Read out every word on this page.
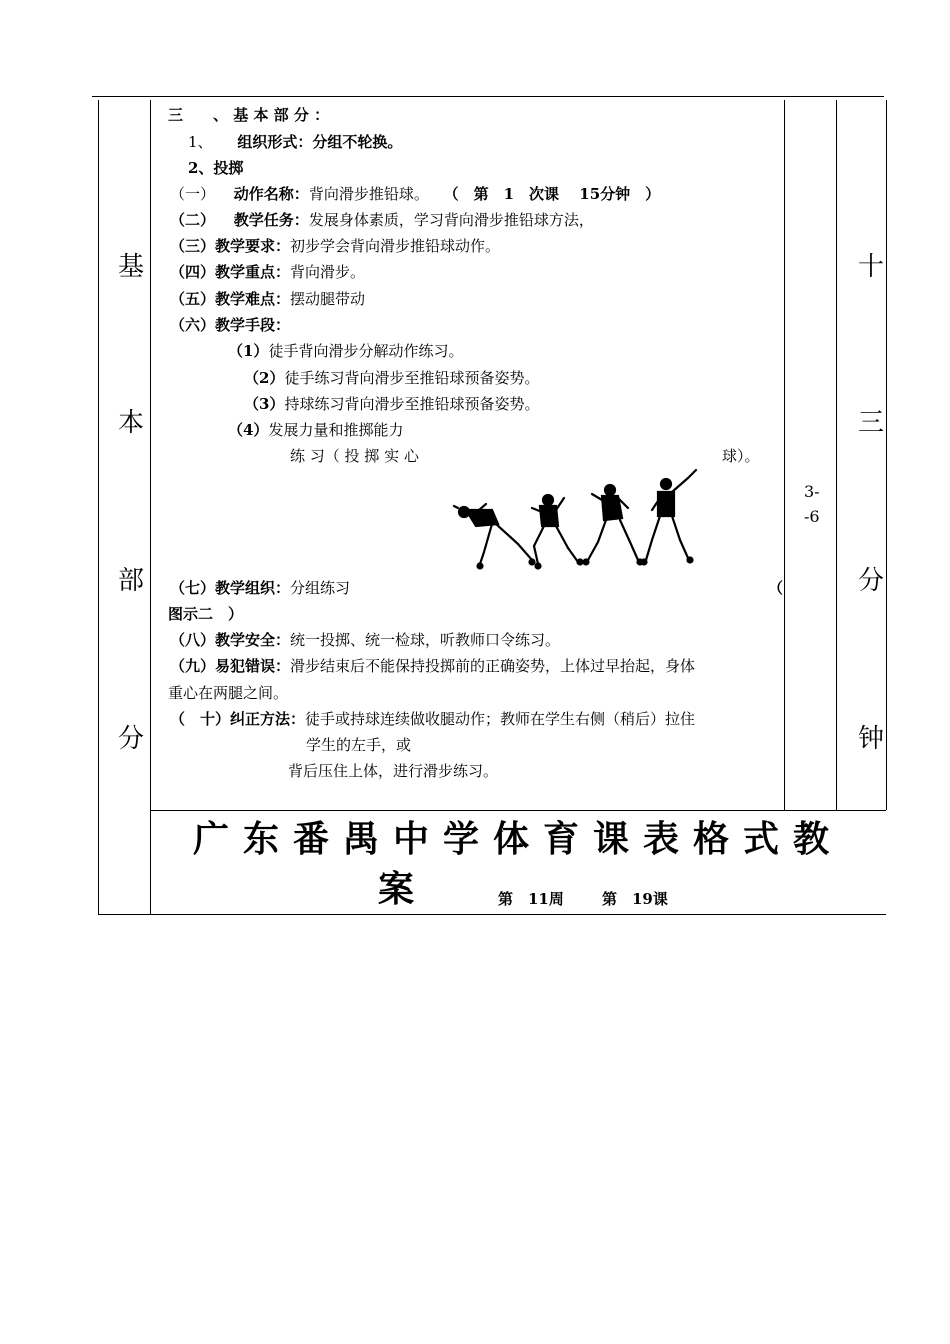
基
本
部
分
十
三
分
钟
3-
-6
三　　、 基 本 部 分 ：
1、 组织形式：分组不轮换。
2、投掷
（一） 动作名称：背向滑步推铅球。 （　第　1　次课　 15分钟　）
（二） 教学任务：发展身体素质，学习背向滑步推铅球方法，
（三）教学要求：初步学会背向滑步推铅球动作。
（四）教学重点：背向滑步。
（五）教学难点：摆动腿带动
（六）教学手段：
（1）徒手背向滑步分解动作练习。
（2）徒手练习背向滑步至推铅球预备姿势。
（3）持球练习背向滑步至推铅球预备姿势。
（4）发展力量和推掷能力
练 习（ 投 掷 实 心	球）。
（七）教学组织：分组练习	（
图示二　）
（八）教学安全：统一投掷、统一检球，听教师口令练习。
（九）易犯错误：滑步结束后不能保持投掷前的正确姿势，上体过早抬起，身体
重心在两腿之间。
（　十）纠正方法：徒手或持球连续做收腿动作；教师在学生右侧（稍后）拉住
学生的左手，或
背后压住上体，进行滑步练习。
广东番禺中学体育课表格式教
案	第　11周	第　19课
